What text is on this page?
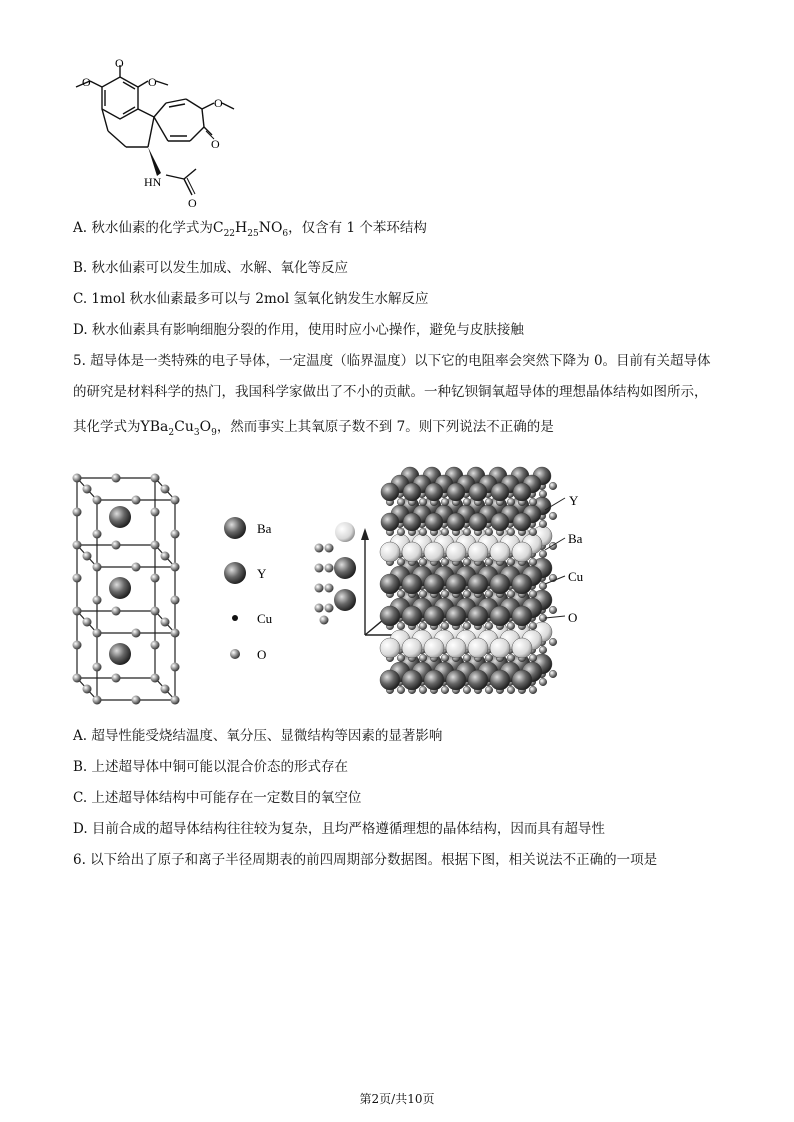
O
O	O
O
O
HN
O
A. 秋水仙素的化学式为$C_{22}H_{25}NO_6$，仅含有 1 个苯环结构
B. 秋水仙素可以发生加成、水解、氧化等反应
C. 1mol 秋水仙素最多可以与 2mol 氢氧化钠发生水解反应
D. 秋水仙素具有影响细胞分裂的作用，使用时应小心操作，避免与皮肤接触
5. 超导体是一类特殊的电子导体，一定温度（临界温度）以下它的电阻率会突然下降为 0。目前有关超导体
的研究是材料科学的热门，我国科学家做出了不小的贡献。一种钇钡铜氧超导体的理想晶体结构如图所示，
其化学式为$YBa_2Cu_3O_9$，然而事实上其氧原子数不到 7。则下列说法不正确的是
Ba
Y
Cu
O
Y
Ba
Cu
O
A. 超导性能受烧结温度、氧分压、显微结构等因素的显著影响
B. 上述超导体中铜可能以混合价态的形式存在
C. 上述超导体结构中可能存在一定数目的氧空位
D. 目前合成的超导体结构往往较为复杂，且均严格遵循理想的晶体结构，因而具有超导性
6. 以下给出了原子和离子半径周期表的前四周期部分数据图。根据下图，相关说法不正确的一项是
第2页/共10页
